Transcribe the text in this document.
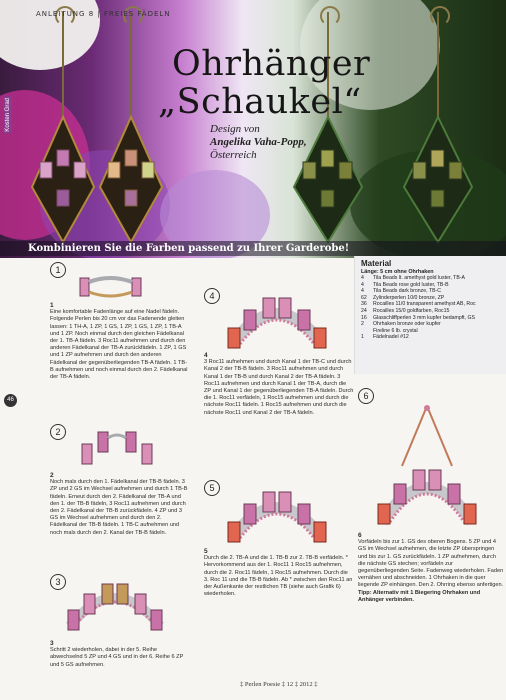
ANLEITUNG 8 | FREIES FÄDELN
Kosten Grad
Ohrhänger
„Schaukel“
Design von
Angelika Vaha-Popp,
Österreich
Kombinieren Sie die Farben passend zu Ihrer Garderobe!
1
1

Eine komfortable Fadenlänge auf eine Nadel fädeln. Folgende Perlen bis 20 cm vor das Fadenende gleiten lassen: 1 TH-A, 1 ZP, 1 GS, 1 ZP, 1 GS, 1 ZP, 1 TB-A und 1 ZP. Noch einmal durch den gleichen Fädelkanal der 1. TB-A fädeln. 3 Roc11 aufnehmen und durch den anderen Fädelkanal der TB-A zurückfädeln. 1 ZP, 1 GS und 1 ZP aufnehmen und durch den anderen Fädelkanal der gegenüberliegenden TB-A fädeln. 1 TB-B aufnehmen und noch einmal durch den 2. Fädelkanal der TB-A fädeln.

2
2

Noch mals durch den 1. Fädelkanal der TB-B fädeln. 3 ZP und 2 GS im Wechsel aufnehmen und durch 1 TB-B fädeln. Erneut durch den 2. Fädelkanal der TB-A und den 1. der TB-B fädeln, 3 Roc11 aufnehmen und durch den 2. Fädelkanal der TB-B zurückfädeln. 4 ZP und 3 GS im Wechsel aufnehmen und durch den 2. Fädelkanal der TB-B fädeln. 1 TB-C aufnehmen und noch mals durch den 2. Kanal der TB-B fädeln.

3
3

Schritt 2 wiederholen, dabei in der 5. Reihe abwechselnd 5 ZP und 4 GS und in der 6. Reihe 6 ZP und 5 GS aufnehmen.

4
4

3 Roc11 aufnehmen und durch Kanal 1 der TB-C und durch Kanal 2 der TB-B fädeln. 3 Roc11 aufnehmen und durch Kanal 1 der TB-B und durch Kanal 2 der TB-A fädeln. 3 Roc11 aufnehmen und durch Kanal 1 der TB-A, durch die ZP und Kanal 1 der gegenüberliegenden TB-A fädeln. Durch die 1. Roc11 verfädeln, 1 Roc15 aufnehmen und durch die nächste Roc11 fädeln. 1 Roc15 aufnehmen und durch die nächste Roc11 und Kanal 2 der TB-A fädeln.

5
5

Durch die 2. TB-A und die 1. TB-B zur 2. TB-B verfädeln. * Hervorkommend aus der 1. Roc11 1 Roc15 aufnehmen, durch die 2. Roc11 fädeln, 1 Roc15 aufnehmen. Durch die 3. Roc 11 und die TB-B fädeln. Ab * zwischen den Roc11 an der Außenkante der restlichen TB (siehe auch Grafik 6) wiederholen.

Material
Länge: 5 cm ohne Ohrhaken
4	Tila Beads lt. amethyst gold luster, TB-A
4	Tila Beads rose gold luster, TB-B
4	Tila Beads dark bronze, TB-C
62	Zylinderperlen 10/0 bronze, ZP
36	Rocailles 11/0 transparent amethyst AB, Roc
24	Rocailles 15/0 goldfarben, Roc15
16	Glasschliffperlen 3 mm kupfer bedampft, GS
2	Ohrhaken bronze oder kupfer
Fireline 6 lb. crystal
1	Fädelnadel #12
6
6

Vorfädeln bis zur 1. GS des oberen Bogens. 5 ZP und 4 GS im Wechsel aufnehmen, die letzte ZP überspringen und bis zur 1. GS zurückfädeln. 1 ZP aufnehmen, durch die nächste GS stechen; vorfädeln zur gegenüberliegenden Seite. Fadenweg wiederholen. Faden vernähen und abschneiden. 1 Ohrhaken in die quer liegende ZP einhängen. Den 2. Ohrring ebenso anfertigen.

Tipp: Alternativ mit 1 Biegering Ohrhaken und Anhänger verbinden.

46
‡ Perlen Poesie ‡ 12 ‡ 2012 ‡
